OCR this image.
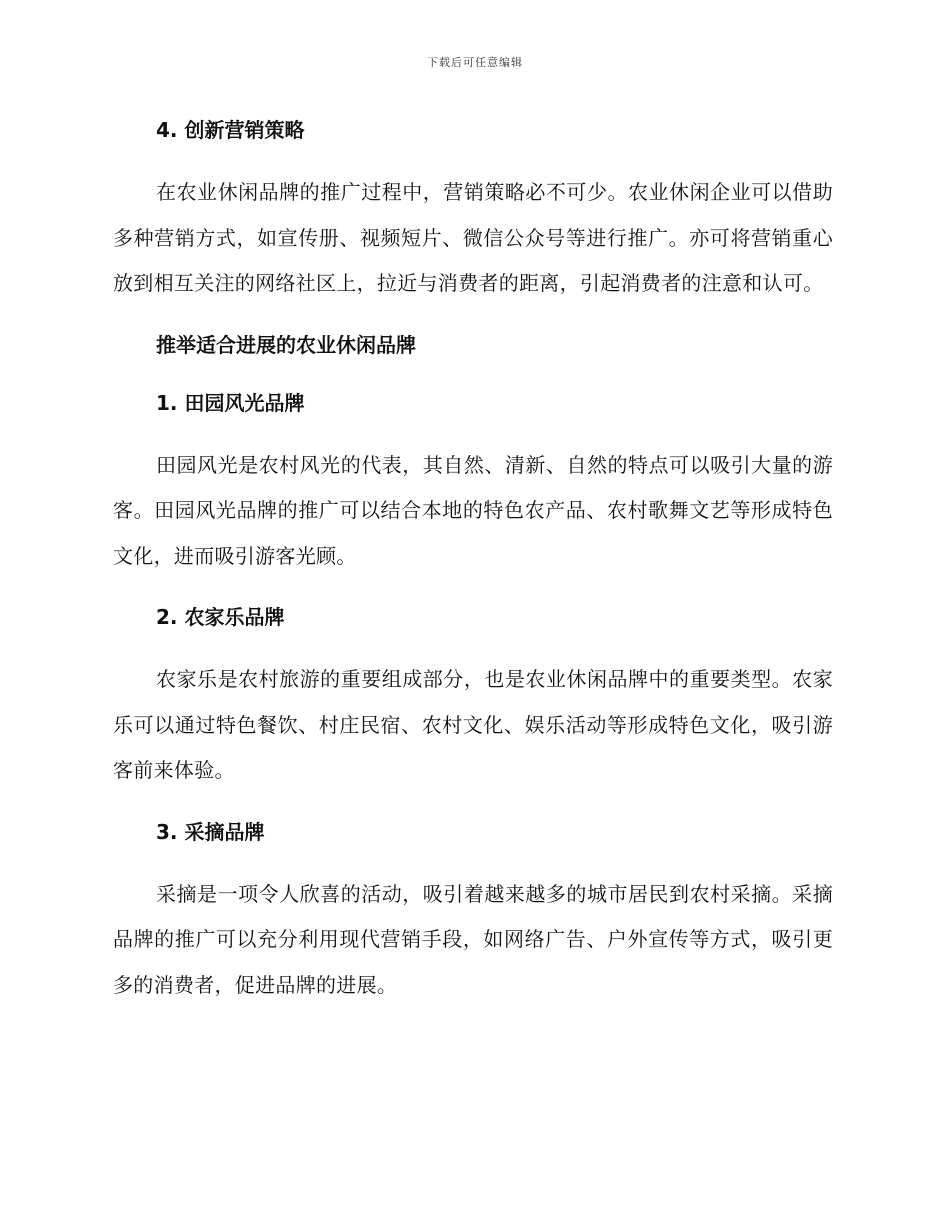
下载后可任意编辑
4. 创新营销策略

在农业休闲品牌的推广过程中，营销策略必不可少。农业休闲企业可以借助多种营销方式，如宣传册、视频短片、微信公众号等进行推广。亦可将营销重心放到相互关注的网络社区上，拉近与消费者的距离，引起消费者的注意和认可。

推举适合进展的农业休闲品牌
1. 田园风光品牌

田园风光是农村风光的代表，其自然、清新、自然的特点可以吸引大量的游客。田园风光品牌的推广可以结合本地的特色农产品、农村歌舞文艺等形成特色文化，进而吸引游客光顾。

2. 农家乐品牌

农家乐是农村旅游的重要组成部分，也是农业休闲品牌中的重要类型。农家乐可以通过特色餐饮、村庄民宿、农村文化、娱乐活动等形成特色文化，吸引游客前来体验。

3. 采摘品牌

采摘是一项令人欣喜的活动，吸引着越来越多的城市居民到农村采摘。采摘品牌的推广可以充分利用现代营销手段，如网络广告、户外宣传等方式，吸引更多的消费者，促进品牌的进展。
